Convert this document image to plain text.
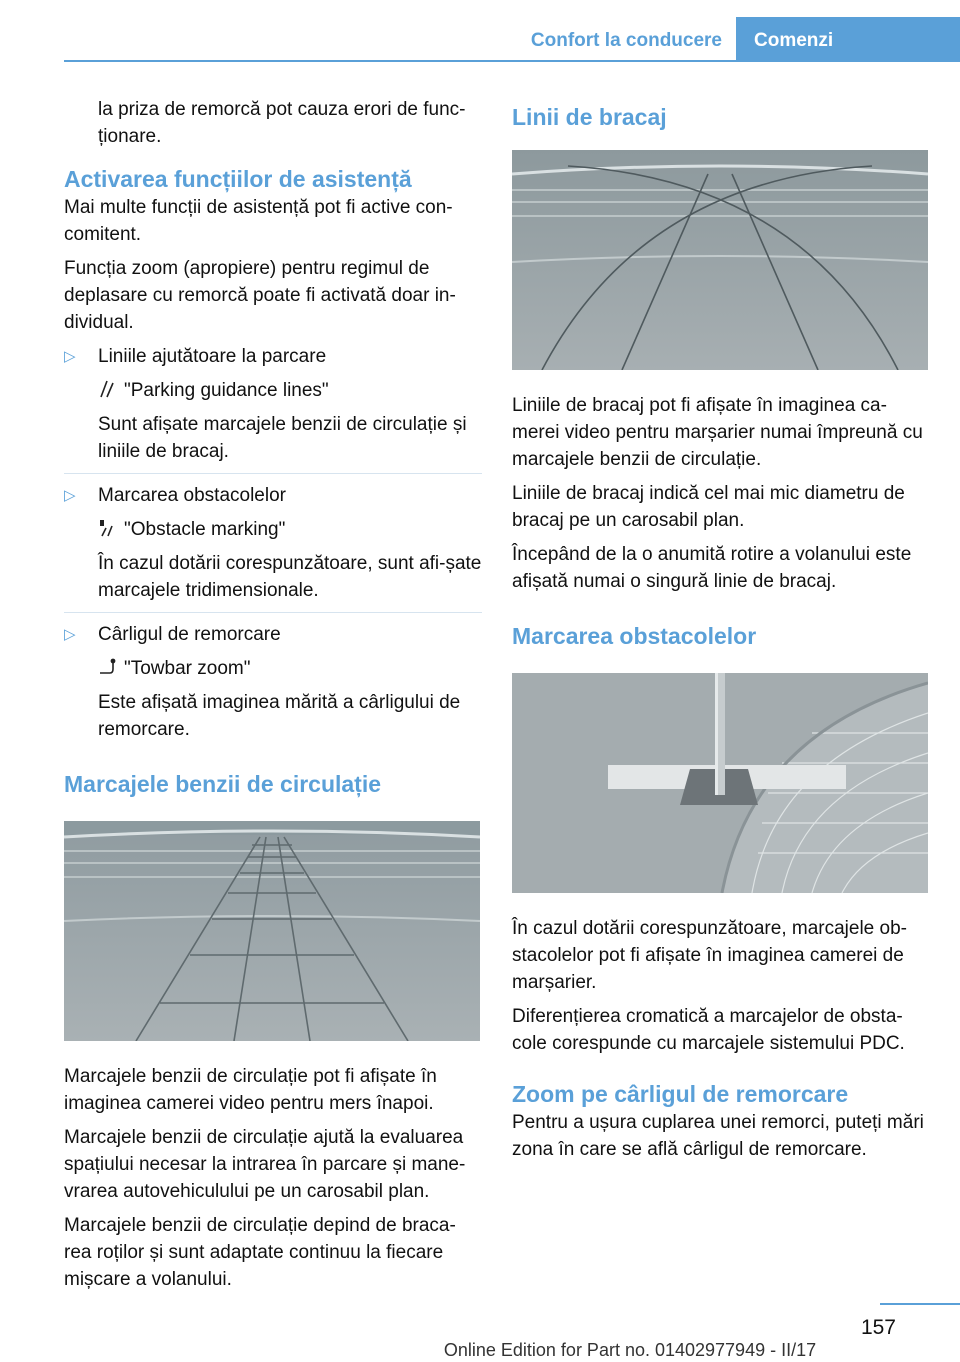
Confort la conducere	Comenzi

la priza de remorcă pot cauza erori de func-ționare.

Activarea funcțiilor de asistență

Mai multe funcții de asistență pot fi active con-comitent.

Funcția zoom (apropiere) pentru regimul de deplasare cu remorcă poate fi activată doar in-dividual.

▷ Liniile ajutătoare la parcare

"Parking guidance lines"

Sunt afișate marcajele benzii de circulație și liniile de bracaj.

▷ Marcarea obstacolelor

"Obstacle marking"

În cazul dotării corespunzătoare, sunt afi-șate marcajele tridimensionale.

▷ Cârligul de remorcare

"Towbar zoom"

Este afișată imaginea mărită a cârligului de remorcare.

Marcajele benzii de circulație

Marcajele benzii de circulație pot fi afișate în imaginea camerei video pentru mers înapoi.

Marcajele benzii de circulație ajută la evaluarea spațiului necesar la intrarea în parcare și mane-vrarea autovehiculului pe un carosabil plan.

Marcajele benzii de circulație depind de braca-rea roților și sunt adaptate continuu la fiecare mișcare a volanului.

Linii de bracaj

Liniile de bracaj pot fi afișate în imaginea ca-merei video pentru marșarier numai împreună cu marcajele benzii de circulație.

Liniile de bracaj indică cel mai mic diametru de bracaj pe un carosabil plan.

Începând de la o anumită rotire a volanului este afișată numai o singură linie de bracaj.

Marcarea obstacolelor

În cazul dotării corespunzătoare, marcajele ob-stacolelor pot fi afișate în imaginea camerei de marșarier.

Diferențierea cromatică a marcajelor de obsta-cole corespunde cu marcajele sistemului PDC.

Zoom pe cârligul de remorcare

Pentru a ușura cuplarea unei remorci, puteți mări zona în care se află cârligul de remorcare.

157
Online Edition for Part no. 01402977949 - II/17
